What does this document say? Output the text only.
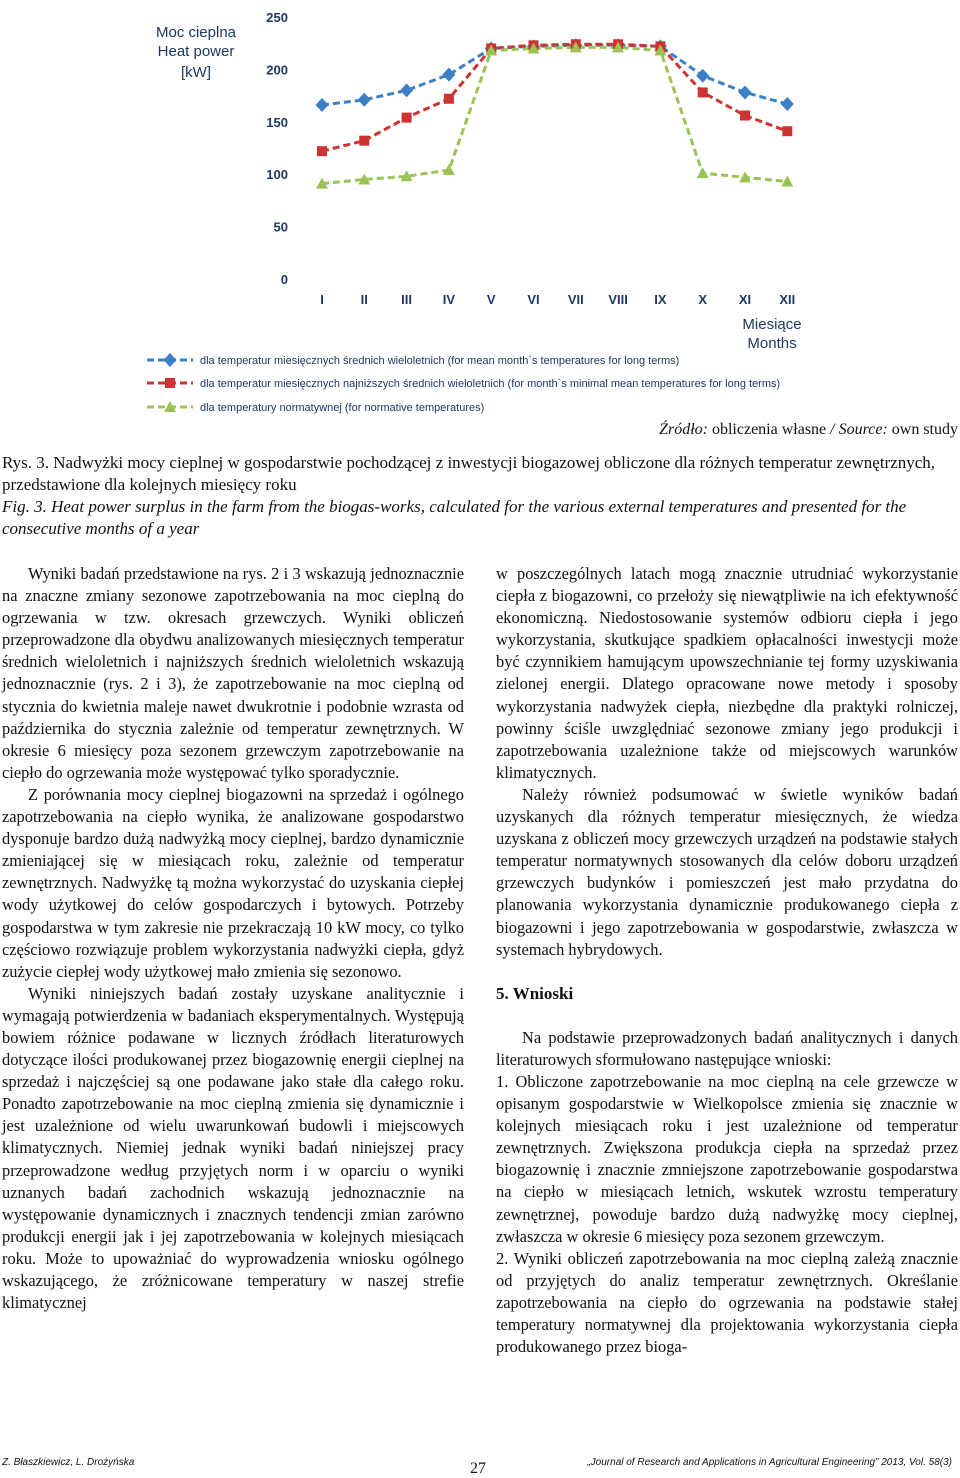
Moc cieplna
Heat power
[kW]
Miesiące
Months
0
50
100
150
200
250
I	II	III IV V VI VII VIII IX X XI XII
dla temperatur miesięcznych średnich wieloletnich (for mean month`s temperatures for long terms)
dla temperatur miesięcznych najniższych średnich wieloletnich (for month`s minimal mean temperatures for long terms)
dla temperatury normatywnej (for normative temperatures)
Źródło: obliczenia własne / Source: own study
Rys. 3. Nadwyżki mocy cieplnej w gospodarstwie pochodzącej z inwestycji biogazowej obliczone dla różnych temperatur zewnętrznych, przedstawione dla kolejnych miesięcy roku
Fig. 3. Heat power surplus in the farm from the biogas-works, calculated for the various external temperatures and presented for the consecutive months of a year

Wyniki badań przedstawione na rys. 2 i 3 wskazują jednoznacznie na znaczne zmiany sezonowe zapotrzebowania na moc cieplną do ogrzewania w tzw. okresach grzewczych. Wyniki obliczeń przeprowadzone dla obydwu analizowanych miesięcznych temperatur średnich wieloletnich i najniższych średnich wieloletnich wskazują jednoznacznie (rys. 2 i 3), że zapotrzebowanie na moc cieplną od stycznia do kwietnia maleje nawet dwukrotnie i podobnie wzrasta od października do stycznia zależnie od temperatur zewnętrznych. W okresie 6 miesięcy poza sezonem grzewczym zapotrzebowanie na ciepło do ogrzewania może występować tylko sporadycznie.

Z porównania mocy cieplnej biogazowni na sprzedaż i ogólnego zapotrzebowania na ciepło wynika, że analizowane gospodarstwo dysponuje bardzo dużą nadwyżką mocy cieplnej, bardzo dynamicznie zmieniającej się w miesiącach roku, zależnie od temperatur zewnętrznych. Nadwyżkę tą można wykorzystać do uzyskania ciepłej wody użytkowej do celów gospodarczych i bytowych. Potrzeby gospodarstwa w tym zakresie nie przekraczają 10 kW mocy, co tylko częściowo rozwiązuje problem wykorzystania nadwyżki ciepła, gdyż zużycie ciepłej wody użytkowej mało zmienia się sezonowo.

Wyniki niniejszych badań zostały uzyskane analitycznie i wymagają potwierdzenia w badaniach eksperymentalnych. Występują bowiem różnice podawane w licznych źródłach literaturowych dotyczące ilości produkowanej przez biogazownię energii cieplnej na sprzedaż i najczęściej są one podawane jako stałe dla całego roku. Ponadto zapotrzebowanie na moc cieplną zmienia się dynamicznie i jest uzależnione od wielu uwarunkowań budowli i miejscowych klimatycznych. Niemiej jednak wyniki badań niniejszej pracy przeprowadzone według przyjętych norm i w oparciu o wyniki uznanych badań zachodnich wskazują jednoznacznie na występowanie dynamicznych i znacznych tendencji zmian zarówno produkcji energii jak i jej zapotrzebowania w kolejnych miesiącach roku. Może to upoważniać do wyprowadzenia wniosku ogólnego wskazującego, że zróżnicowane temperatury w naszej strefie klimatycznej

w poszczególnych latach mogą znacznie utrudniać wykorzystanie ciepła z biogazowni, co przełoży się niewątpliwie na ich efektywność ekonomiczną. Niedostosowanie systemów odbioru ciepła i jego wykorzystania, skutkujące spadkiem opłacalności inwestycji może być czynnikiem hamującym upowszechnianie tej formy uzyskiwania zielonej energii. Dlatego opracowane nowe metody i sposoby wykorzystania nadwyżek ciepła, niezbędne dla praktyki rolniczej, powinny ściśle uwzględniać sezonowe zmiany jego produkcji i zapotrzebowania uzależnione także od miejscowych warunków klimatycznych.

Należy również podsumować w świetle wyników badań uzyskanych dla różnych temperatur miesięcznych, że wiedza uzyskana z obliczeń mocy grzewczych urządzeń na podstawie stałych temperatur normatywnych stosowanych dla celów doboru urządzeń grzewczych budynków i pomieszczeń jest mało przydatna do planowania wykorzystania dynamicznie produkowanego ciepła z biogazowni i jego zapotrzebowania w gospodarstwie, zwłaszcza w systemach hybrydowych.

5. Wnioski

Na podstawie przeprowadzonych badań analitycznych i danych literaturowych sformułowano następujące wnioski:

1. Obliczone zapotrzebowanie na moc cieplną na cele grzewcze w opisanym gospodarstwie w Wielkopolsce zmienia się znacznie w kolejnych miesiącach roku i jest uzależnione od temperatur zewnętrznych. Zwiększona produkcja ciepła na sprzedaż przez biogazownię i znacznie zmniejszone zapotrzebowanie gospodarstwa na ciepło w miesiącach letnich, wskutek wzrostu temperatury zewnętrznej, powoduje bardzo dużą nadwyżkę mocy cieplnej, zwłaszcza w okresie 6 miesięcy poza sezonem grzewczym.

2. Wyniki obliczeń zapotrzebowania na moc cieplną zależą znacznie od przyjętych do analiz temperatur zewnętrznych. Określanie zapotrzebowania na ciepło do ogrzewania na podstawie stałej temperatury normatywnej dla projektowania wykorzystania ciepła produkowanego przez bioga-

Z. Błaszkiewicz, L. Drożyńska	27	„Journal of Research and Applications in Agricultural Engineering” 2013, Vol. 58(3)
